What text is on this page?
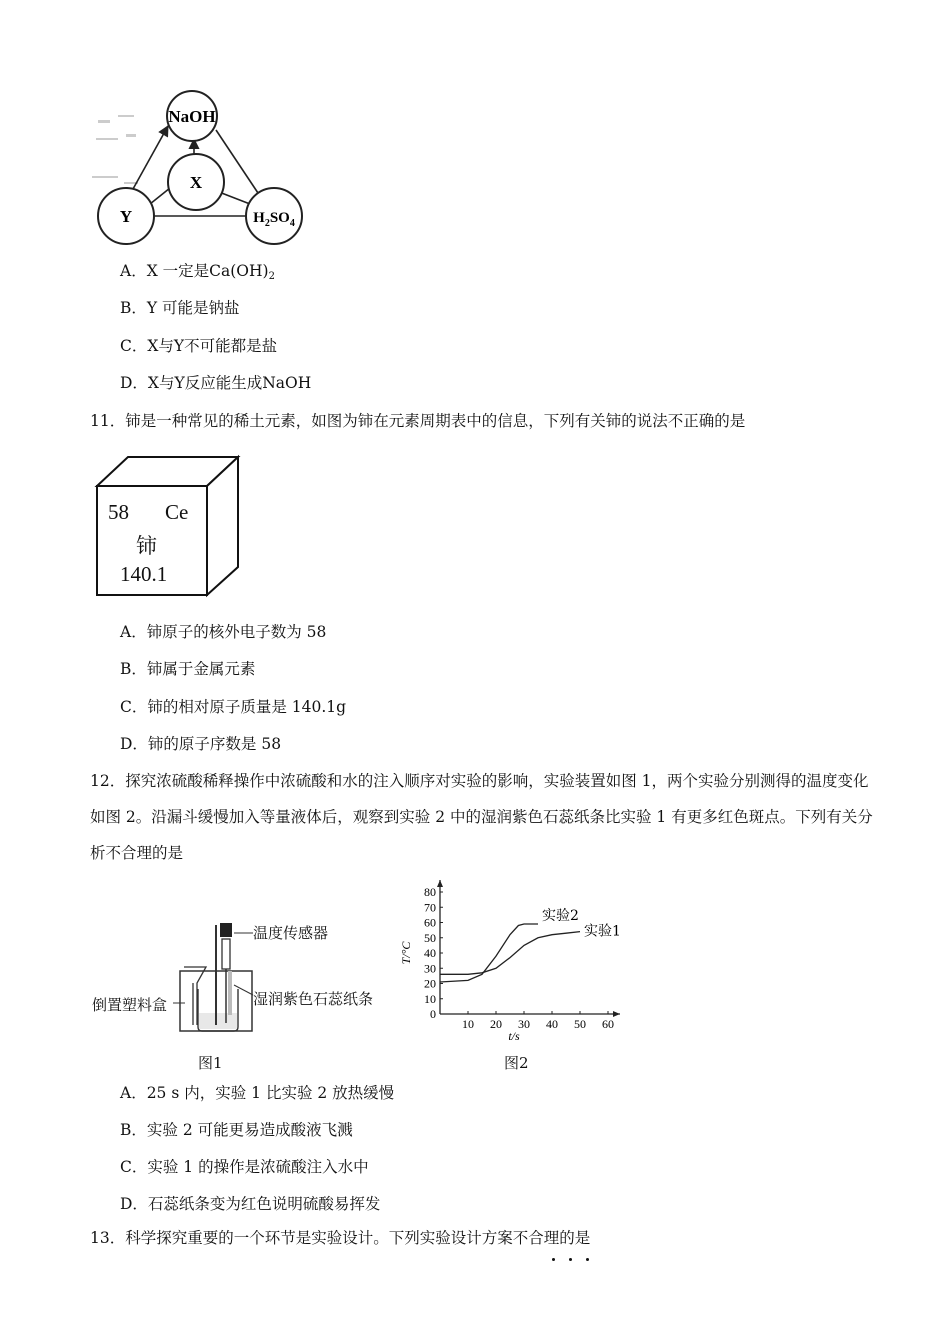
NaOH
X
Y	$H_2SO_4$
A．X 一定是$Ca(OH)_2$
B．Y 可能是钠盐
C．X与Y不可能都是盐
D．X与Y反应能生成NaOH
11．铈是一种常见的稀土元素，如图为铈在元素周期表中的信息，下列有关铈的说法不正确的是
58 Ce
铈
140.1
A．铈原子的核外电子数为 58
B．铈属于金属元素
C．铈的相对原子质量是 140.1g
D．铈的原子序数是 58
12．探究浓硫酸稀释操作中浓硫酸和水的注入顺序对实验的影响，实验装置如图 1，两个实验分别测得的温度变化如图 2。沿漏斗缓慢加入等量液体后，观察到实验 2 中的湿润紫色石蕊纸条比实验 1 有更多红色斑点。下列有关分析不合理的是
温度传感器
湿润紫色石蕊纸条
倒置塑料盒
图1
10 20 30 40 50 60
0
10
20
30
40
50
60
70
80
t/s
T/°C
实验2
实验1
图2
A．25 s 内，实验 1 比实验 2 放热缓慢
B．实验 2 可能更易造成酸液飞溅
C．实验 1 的操作是浓硫酸注入水中
D．石蕊纸条变为红色说明硫酸易挥发
13．科学探究重要的一个环节是实验设计。下列实验设计方案不合理的是
